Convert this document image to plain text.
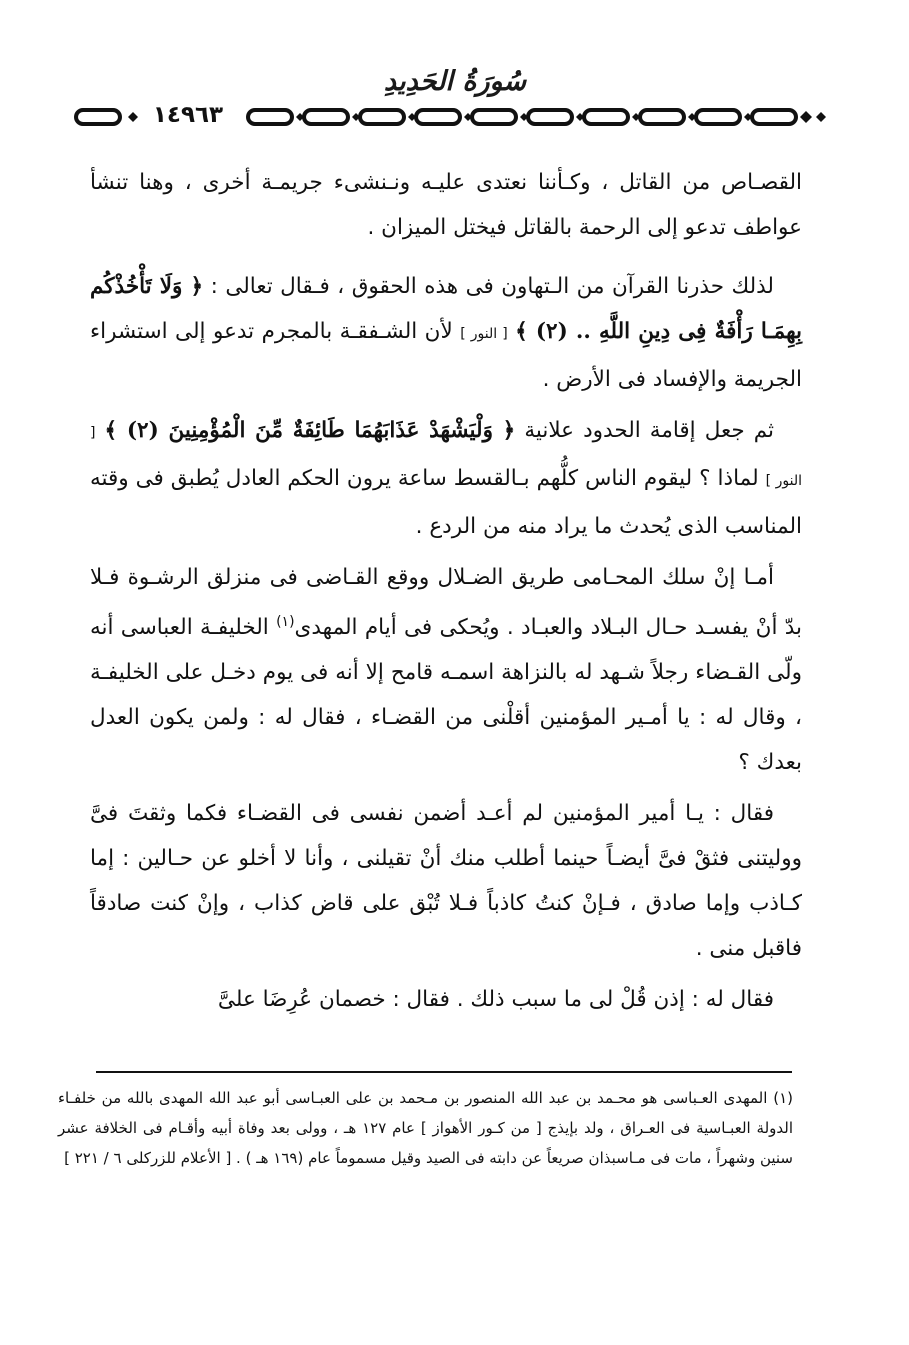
سُورَةُ الحَدِيدِ
١٤٩٦٣

القصـاص من القاتل ، وكـأننا نعتدى عليـه ونـنشىء جريمـة أخرى ، وهنا تنشأ عواطف تدعو إلى الرحمة بالقاتل فيختل الميزان .

لذلك حذرنا القرآن من الـتهاون فى هذه الحقوق ، فـقال تعالى : ﴿ وَلَا تَأْخُذْكُم بِهِمَـا رَأْفَةٌ فِى دِينِ اللَّهِ .. (٢) ﴾ [ النور ] لأن الشـفقـة بالمجرم تدعو إلى استشراء الجريمة والإفساد فى الأرض .

ثم جعل إقامة الحدود علانية ﴿ وَلْيَشْهَدْ عَذَابَهُمَا طَائِفَةٌ مِّنَ الْمُؤْمِنِينَ (٢) ﴾ [ النور ] لماذا ؟ ليقوم الناس كلُّهم بـالقسط ساعة يرون الحكم العادل يُطبق فى وقته المناسب الذى يُحدث ما يراد منه من الردع .

أمـا إنْ سلك المحـامى طريق الضـلال ووقع القـاضى فى منزلق الرشـوة فـلا بدّ أنْ يفسـد حـال البـلاد والعبـاد . ويُحكى فى أيام المهدى$^{(١)}$ الخليفـة العباسى أنه ولّى القـضاء رجلاً شـهد له بالنزاهة اسمـه قامح إلا أنه فى يوم دخـل على الخليفـة ، وقال له : يا أمـير المؤمنين أقلْنى من القضـاء ، فقال له : ولمن يكون العدل بعدك ؟

فقال : يـا أمير المؤمنين لم أعـد أضمن نفسى فى القضـاء فكما وثقتَ فىَّ ووليتنى فثقْ فىَّ أيضـاً حينما أطلب منك أنْ تقيلنى ، وأنا لا أخلو عن حـالين : إما كـاذب وإما صادق ، فـإنْ كنتُ كاذباً فـلا تُبْق على قاض كذاب ، وإنْ كنت صادقاً فاقبل منى .

فقال له : إذن قُلْ لى ما سبب ذلك . فقال : خصمان عُرِضَا علىَّ

(١) المهدى العـباسى هو محـمد بن عبد الله المنصور بن مـحمد بن على العبـاسى أبو عبد الله المهدى بالله من خلفـاء الدولة العبـاسية فى العـراق ، ولد بإيذج [ من كـور الأهواز ] عام ١٢٧ هـ ، وولى بعد وفاة أبيه وأقـام فى الخلافة عشر سنين وشهراً ، مات فى مـاسبذان صريعاً عن دابته فى الصيد وقيل مسموماً عام (١٦٩ هـ ) . [ الأعلام للزركلى ٦ / ٢٢١ ]
